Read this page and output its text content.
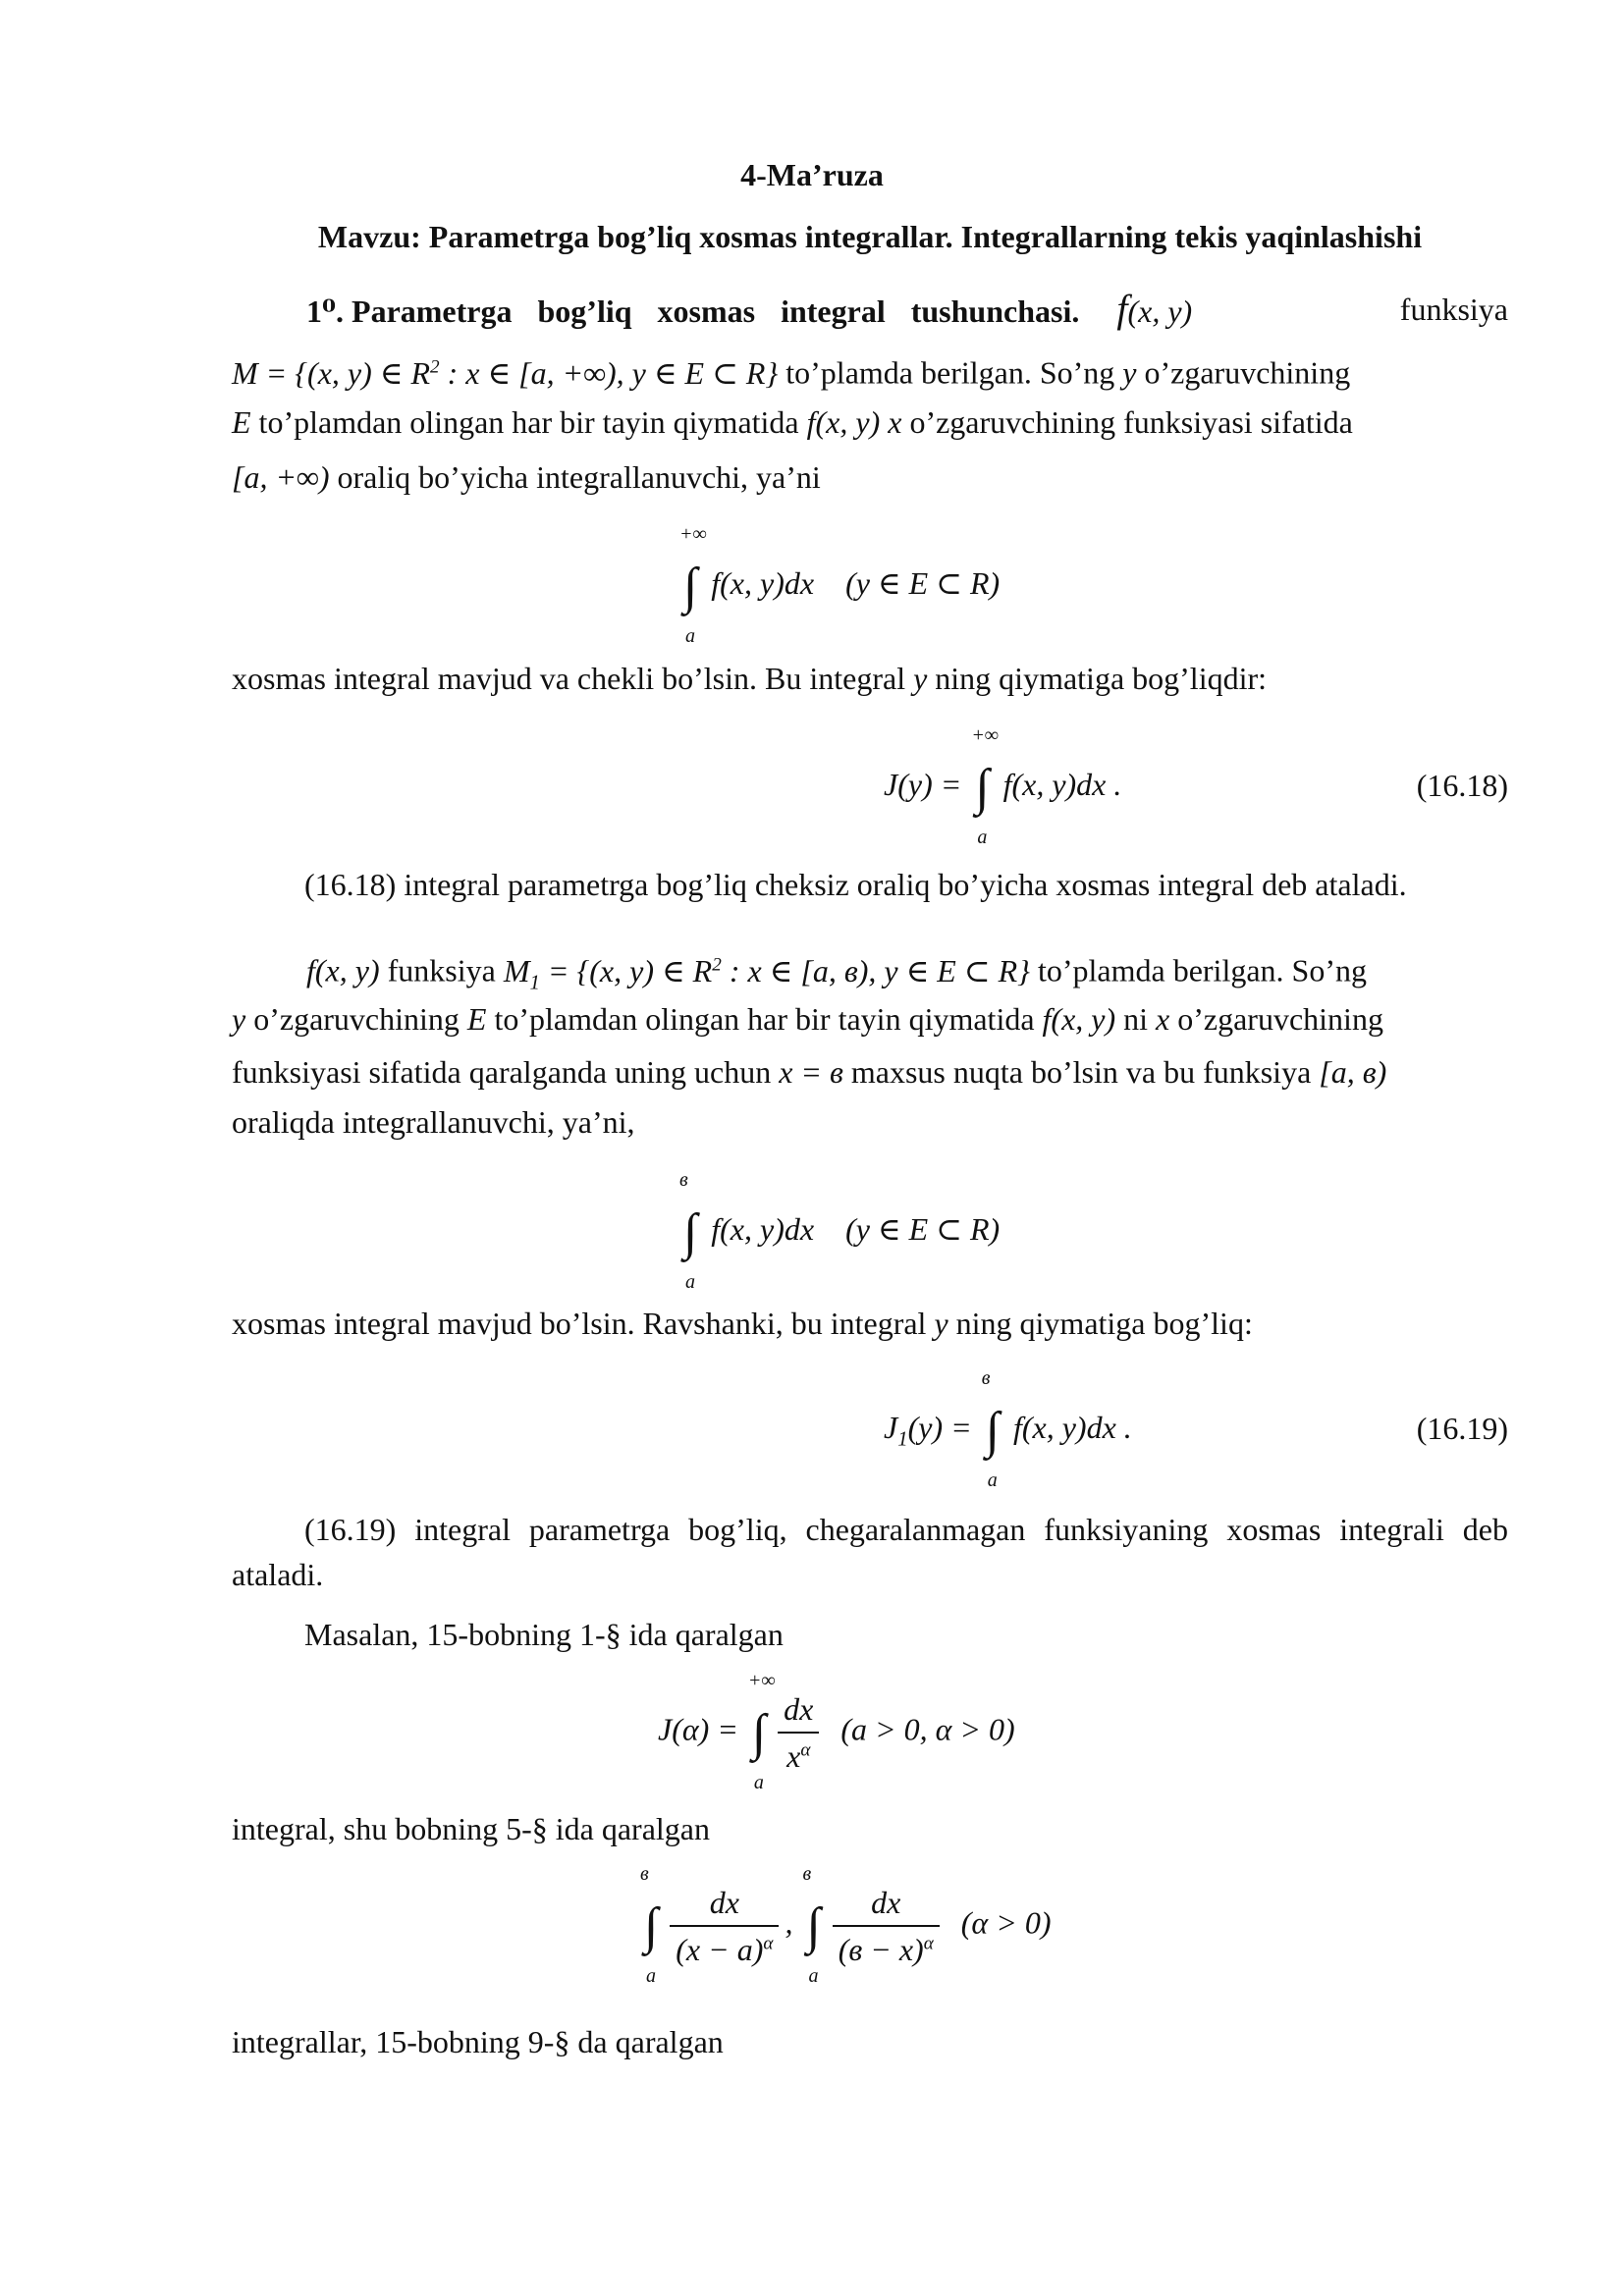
4-Ma’ruza
Mavzu: Parametrga bog’liq xosmas integrallar. Integrallarning tekis yaqinlashishi
1⁰. Parametrga bog’liq xosmas integral tushunchasi.    f(x, y)	funksiya
M = {(x, y) ∈ $R^2$ : x ∈ [a, +∞), y ∈ E ⊂ R} to’plamda berilgan. So’ng y o’zgaruvchining
E to’plamdan olingan har bir tayin qiymatida f(x, y) x o’zgaruvchining funksiyasi sifatida
[a, +∞) oraliq bo’yicha integrallanuvchi, ya’ni
∫
+∞
a
f(x, y)dx    (y ∈ E ⊂ R)
xosmas integral mavjud va chekli bo’lsin. Bu integral y ning qiymatiga bog’liqdir:
J(y) = ∫
+∞
a
f(x, y)dx .	(16.18)
(16.18) integral parametrga bog’liq cheksiz oraliq bo’yicha xosmas integral deb ataladi.
f(x, y) funksiya $M_1 = \{(x$, y) ∈ $R^2$ : x ∈ [a, в), y ∈ E ⊂ R} to’plamda berilgan. So’ng
y o’zgaruvchining E to’plamdan olingan har bir tayin qiymatida f(x, y) ni x o’zgaruvchining
funksiyasi sifatida qaralganda uning uchun x = в maxsus nuqta bo’lsin va bu funksiya [a, в)
oraliqda integrallanuvchi, ya’ni,
∫
в
a
f(x, y)dx    (y ∈ E ⊂ R)
xosmas integral mavjud bo’lsin. Ravshanki, bu integral y ning qiymatiga bog’liq:
$J_1(y)$ = ∫
в
a
f(x, y)dx .	(16.19)
(16.19) integral parametrga bog’liq, chegaralanmagan funksiyaning xosmas integrali deb ataladi.
Masalan, 15-bobning 1-§ ida qaralgan
J(α) = ∫
+∞
a
$\frac{dx}{x^\alpha} (a > 0$, α > 0)
integral, shu bobning 5-§ ida qaralgan
∫
в
a
$\frac{dx}{(x - a)^\alpha}$ , ∫
в
a
$\frac{dx}{(в - x)^\alpha} (\alpha > 0)$
integrallar, 15-bobning 9-§ da qaralgan
